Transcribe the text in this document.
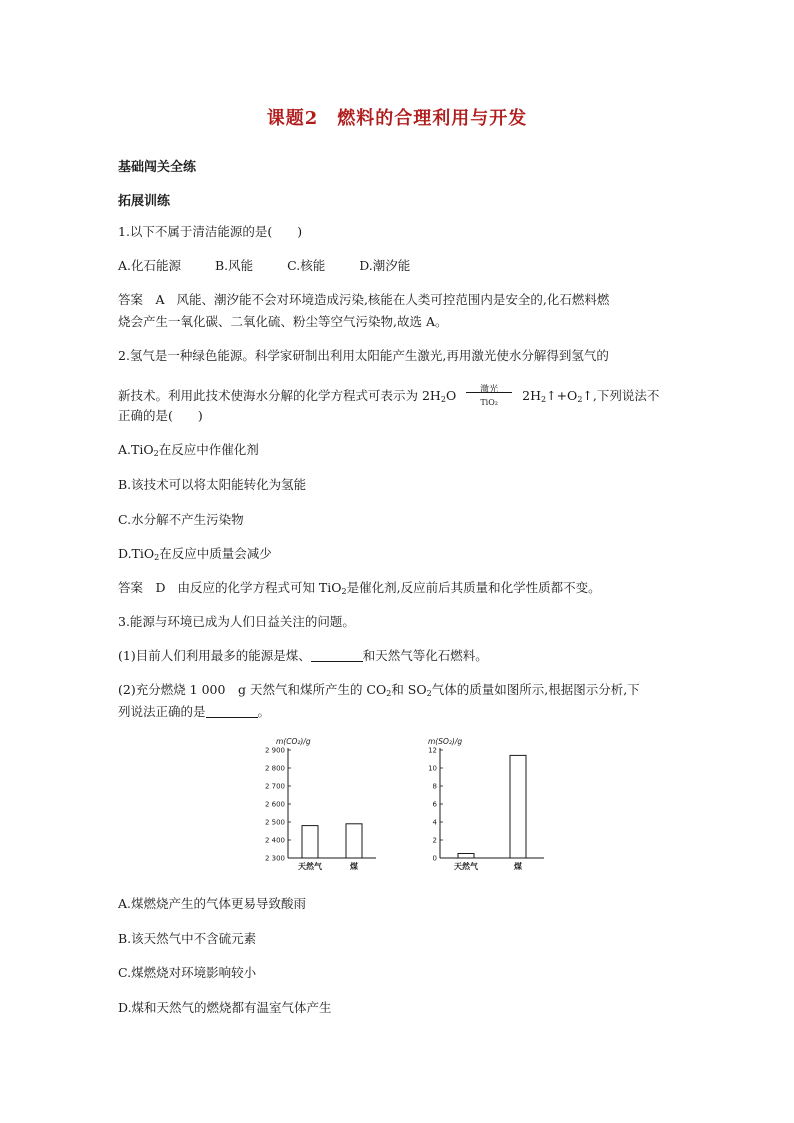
课题2　燃料的合理利用与开发
基础闯关全练
拓展训练
1.以下不属于清洁能源的是(　　)
A.化石能源	B.风能	C.核能	D.潮汐能
答案　A 风能、潮汐能不会对环境造成污染,核能在人类可控范围内是安全的,化石燃料燃
烧会产生一氧化碳、二氧化硫、粉尘等空气污染物,故选 A。
2.氢气是一种绿色能源。科学家研制出利用太阳能产生激光,再用激光使水分解得到氢气的
新技术。利用此技术使海水分解的化学方程式可表示为 $2H_2O$	激光
TiO₂	$2H_2↑+O_2↑$,下列说法不
正确的是(　　)
A.TiO$_2$在反应中作催化剂
B.该技术可以将太阳能转化为氢能
C.水分解不产生污染物
D.TiO$_2$在反应中质量会减少
答案　D 由反应的化学方程式可知 TiO$_2$是催化剂,反应前后其质量和化学性质都不变。
3.能源与环境已成为人们日益关注的问题。
(1)目前人们利用最多的能源是煤、	和天然气等化石燃料。
(2)充分燃烧 1 000　g 天然气和煤所产生的 $CO_2$和 $SO_2$气体的质量如图所示,根据图示分析,下
列说法正确的是	。
m(CO₂)/g
2 300
2 400
2 500
2 600
2 700
2 800
2 900
天然气	煤
m(SO₂)/g
0
2
4
6
8
10
12
天然气	煤
A.煤燃烧产生的气体更易导致酸雨
B.该天然气中不含硫元素
C.煤燃烧对环境影响较小
D.煤和天然气的燃烧都有温室气体产生
